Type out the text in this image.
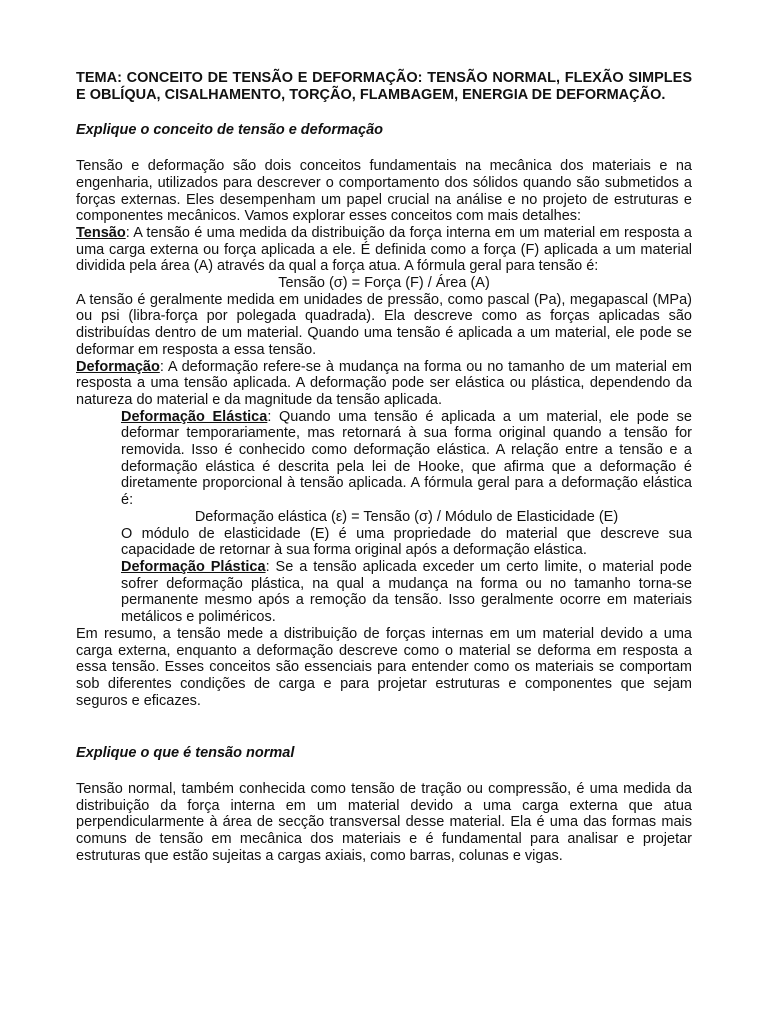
TEMA: CONCEITO DE TENSÃO E DEFORMAÇÃO: TENSÃO NORMAL, FLEXÃO SIMPLES E OBLÍQUA, CISALHAMENTO, TORÇÃO, FLAMBAGEM, ENERGIA DE DEFORMAÇÃO.

Explique o conceito de tensão e deformação

Tensão e deformação são dois conceitos fundamentais na mecânica dos materiais e na engenharia, utilizados para descrever o comportamento dos sólidos quando são submetidos a forças externas. Eles desempenham um papel crucial na análise e no projeto de estruturas e componentes mecânicos. Vamos explorar esses conceitos com mais detalhes:

Tensão: A tensão é uma medida da distribuição da força interna em um material em resposta a uma carga externa ou força aplicada a ele. É definida como a força (F) aplicada a um material dividida pela área (A) através da qual a força atua. A fórmula geral para tensão é:

Tensão (σ) = Força (F) / Área (A)

A tensão é geralmente medida em unidades de pressão, como pascal (Pa), megapascal (MPa) ou psi (libra-força por polegada quadrada). Ela descreve como as forças aplicadas são distribuídas dentro de um material. Quando uma tensão é aplicada a um material, ele pode se deformar em resposta a essa tensão.

Deformação: A deformação refere-se à mudança na forma ou no tamanho de um material em resposta a uma tensão aplicada. A deformação pode ser elástica ou plástica, dependendo da natureza do material e da magnitude da tensão aplicada.

Deformação Elástica: Quando uma tensão é aplicada a um material, ele pode se deformar temporariamente, mas retornará à sua forma original quando a tensão for removida. Isso é conhecido como deformação elástica. A relação entre a tensão e a deformação elástica é descrita pela lei de Hooke, que afirma que a deformação é diretamente proporcional à tensão aplicada. A fórmula geral para a deformação elástica é:

Deformação elástica (ε) = Tensão (σ) / Módulo de Elasticidade (E)

O módulo de elasticidade (E) é uma propriedade do material que descreve sua capacidade de retornar à sua forma original após a deformação elástica.

Deformação Plástica: Se a tensão aplicada exceder um certo limite, o material pode sofrer deformação plástica, na qual a mudança na forma ou no tamanho torna-se permanente mesmo após a remoção da tensão. Isso geralmente ocorre em materiais metálicos e poliméricos.

Em resumo, a tensão mede a distribuição de forças internas em um material devido a uma carga externa, enquanto a deformação descreve como o material se deforma em resposta a essa tensão. Esses conceitos são essenciais para entender como os materiais se comportam sob diferentes condições de carga e para projetar estruturas e componentes que sejam seguros e eficazes.

Explique o que é tensão normal

Tensão normal, também conhecida como tensão de tração ou compressão, é uma medida da distribuição da força interna em um material devido a uma carga externa que atua perpendicularmente à área de secção transversal desse material. Ela é uma das formas mais comuns de tensão em mecânica dos materiais e é fundamental para analisar e projetar estruturas que estão sujeitas a cargas axiais, como barras, colunas e vigas.
